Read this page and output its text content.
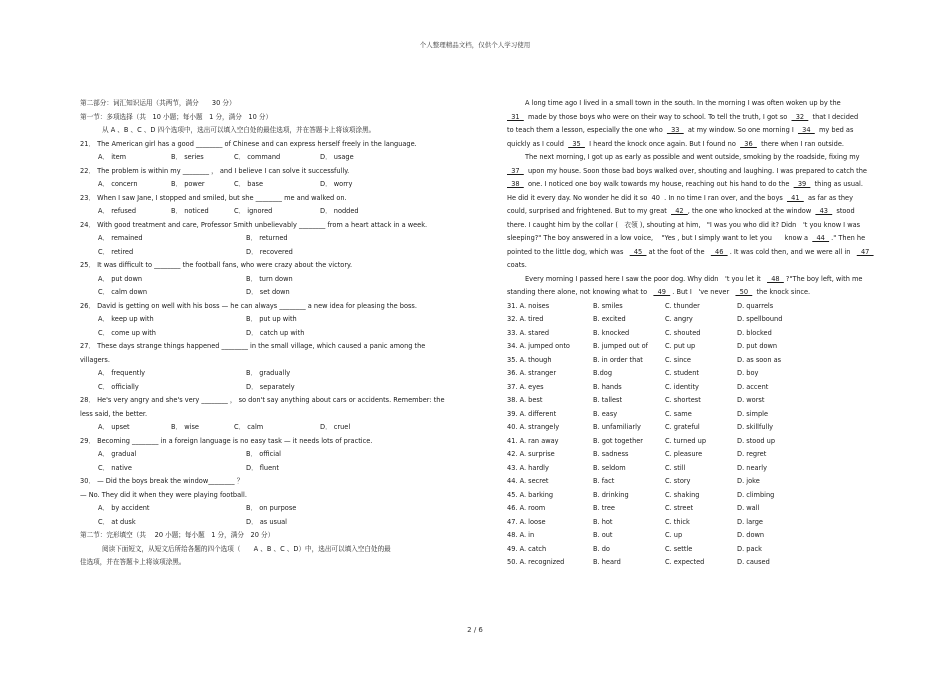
个人整理精品文档，仅供个人学习使用
第二部分：词汇知识运用（共两节，满分　　30 分）
第一节：多项选择（共　10 小题；每小题　1 分，满分　10 分）
从 A 、B 、C 、D 四个选项中，选出可以填入空白处的最佳选项，并在答题卡上将该项涂黑。
21． The American girl has a good ________ of Chinese and can express herself freely in the language.
A． item	B． series	C． command	D． usage
22． The problem is within my ________ ， and I believe I can solve it successfully.
A． concern	B． power	C． base	D． worry
23． When I saw Jane, I stopped and smiled, but she ________ me and walked on.
A． refused	B． noticed	C． ignored	D． nodded
24． With good treatment and care, Professor Smith unbelievably ________ from a heart attack in a week.
A． remained	B． returned
C． retired	D． recovered
25． It was difficult to ________ the football fans, who were crazy about the victory.
A． put down	B． turn down
C． calm down	D． set down
26． David is getting on well with his boss — he can always ________ a new idea for pleasing the boss.
A． keep up with	B． put up with
C． come up with	D． catch up with
27． These days strange things happened ________ in the small village, which caused a panic among the
villagers.
A． frequently	B． gradually
C． officially	D． separately
28． He's very angry and she's very ________ ， so don't say anything about cars or accidents. Remember: the
less said, the better.
A． upset	B． wise	C． calm	D． cruel
29． Becoming ________ in a foreign language is no easy task — it needs lots of practice.
A． gradual	B． official
C． native	D． fluent
30． — Did the boys break the window________ ？
— No. They did it when they were playing football.
A． by accident	B． on purpose
C． at dusk	D． as usual
第二节：完形填空（共　 20 小题；每小题　1 分，满分　20 分）
阅读下面短文，从短文后所给各题的四个选项（　　A 、B 、C 、D）中，选出可以填入空白处的最
佳选项，并在答题卡上将该项涂黑。
A long time ago I lived in a small town in the south. In the morning I was often woken up by the
31    made by those boys who were on their way to school. To tell the truth, I got so    32    that I decided
to teach them a lesson, especially the one who    33    at my window. So one morning I    34    my bed as
quickly as I could    35    I heard the knock once again. But I found no    36    there when I ran outside.
The next morning, I got up as early as possible and went outside, smoking by the roadside, fixing my
37    upon my house. Soon those bad boys walked over, shouting and laughing. I was prepared to catch the
38    one. I noticed one boy walk towards my house, reaching out his hand to do the    39    thing as usual.
He did it every day. No wonder he did it so  40  . In no time I ran over, and the boys    41    as far as they
could, surprised and frightened. But to my great    42  , the one who knocked at the window    43    stood
there. I caught him by the collar (　衣领 ), shouting at him,   "I was you who did it? Didn　't you know I was
sleeping?" The boy answered in a low voice,    "Yes , but I simply want to let you      know a    44   ." Then he
pointed to the little dog, which was     45   at the foot of the     46   . It was cold then, and we were all in     47
coats.
Every morning I passed here I saw the poor dog. Why didn　't you let it     48   ?"The boy left, with me
standing there alone, not knowing what to     49   . But I　've never     50    the knock since.
31. A. noises	B. smiles	C. thunder	D. quarrels
32. A. tired	B. excited	C. angry	D. spellbound
33. A. stared	B. knocked	C. shouted	D. blocked
34. A. jumped onto	B. jumped out of	C. put up	D. put down
35. A. though	B. in order that	C. since	D. as soon as
36. A. stranger	B.dog	C. student	D. boy
37. A. eyes	B. hands	C. identity	D. accent
38. A. best	B. tallest	C. shortest	D. worst
39. A. different	B. easy	C. same	D. simple
40. A. strangely	B. unfamiliarly	C. grateful	D. skillfully
41. A. ran away	B. got together	C. turned up	D. stood up
42. A. surprise	B. sadness	C. pleasure	D. regret
43. A. hardly	B. seldom	C. still	D. nearly
44. A. secret	B. fact	C. story	D. joke
45. A. barking	B. drinking	C. shaking	D. climbing
46. A. room	B. tree	C. street	D. wall
47. A. loose	B. hot	C. thick	D. large
48. A. in	B. out	C. up	D. down
49. A. catch	B. do	C. settle	D. pack
50. A. recognized	B. heard	C. expected	D. caused
2 / 6
